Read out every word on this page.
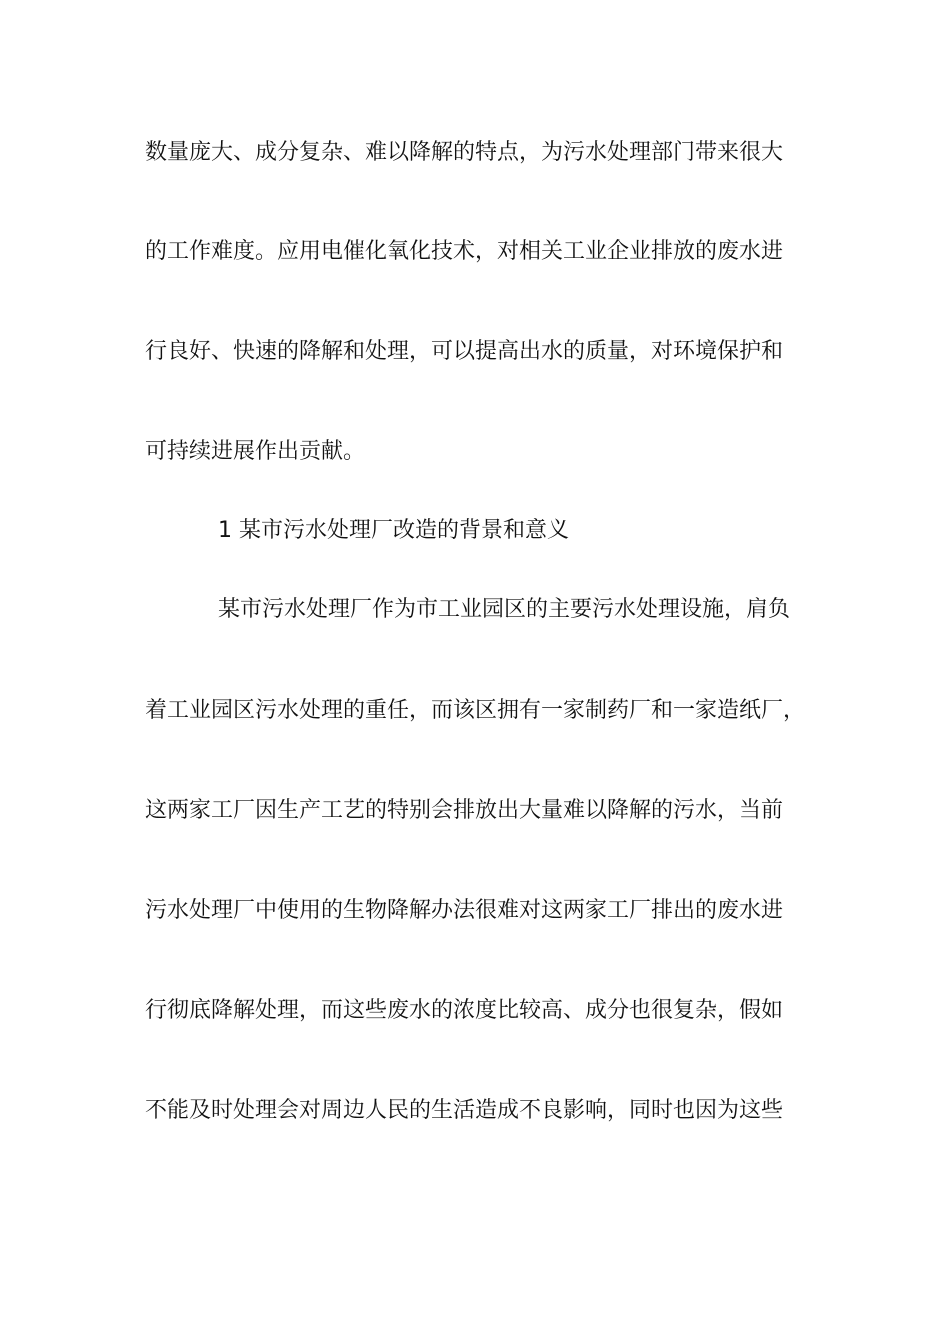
数量庞大、成分复杂、难以降解的特点，为污水处理部门带来很大
的工作难度。应用电催化氧化技术，对相关工业企业排放的废水进
行良好、快速的降解和处理，可以提高出水的质量，对环境保护和
可持续进展作出贡献。
1 某市污水处理厂改造的背景和意义
某市污水处理厂作为市工业园区的主要污水处理设施，肩负
着工业园区污水处理的重任，而该区拥有一家制药厂和一家造纸厂，
这两家工厂因生产工艺的特别会排放出大量难以降解的污水，当前
污水处理厂中使用的生物降解办法很难对这两家工厂排出的废水进
行彻底降解处理，而这些废水的浓度比较高、成分也很复杂，假如
不能及时处理会对周边人民的生活造成不良影响，同时也因为这些
